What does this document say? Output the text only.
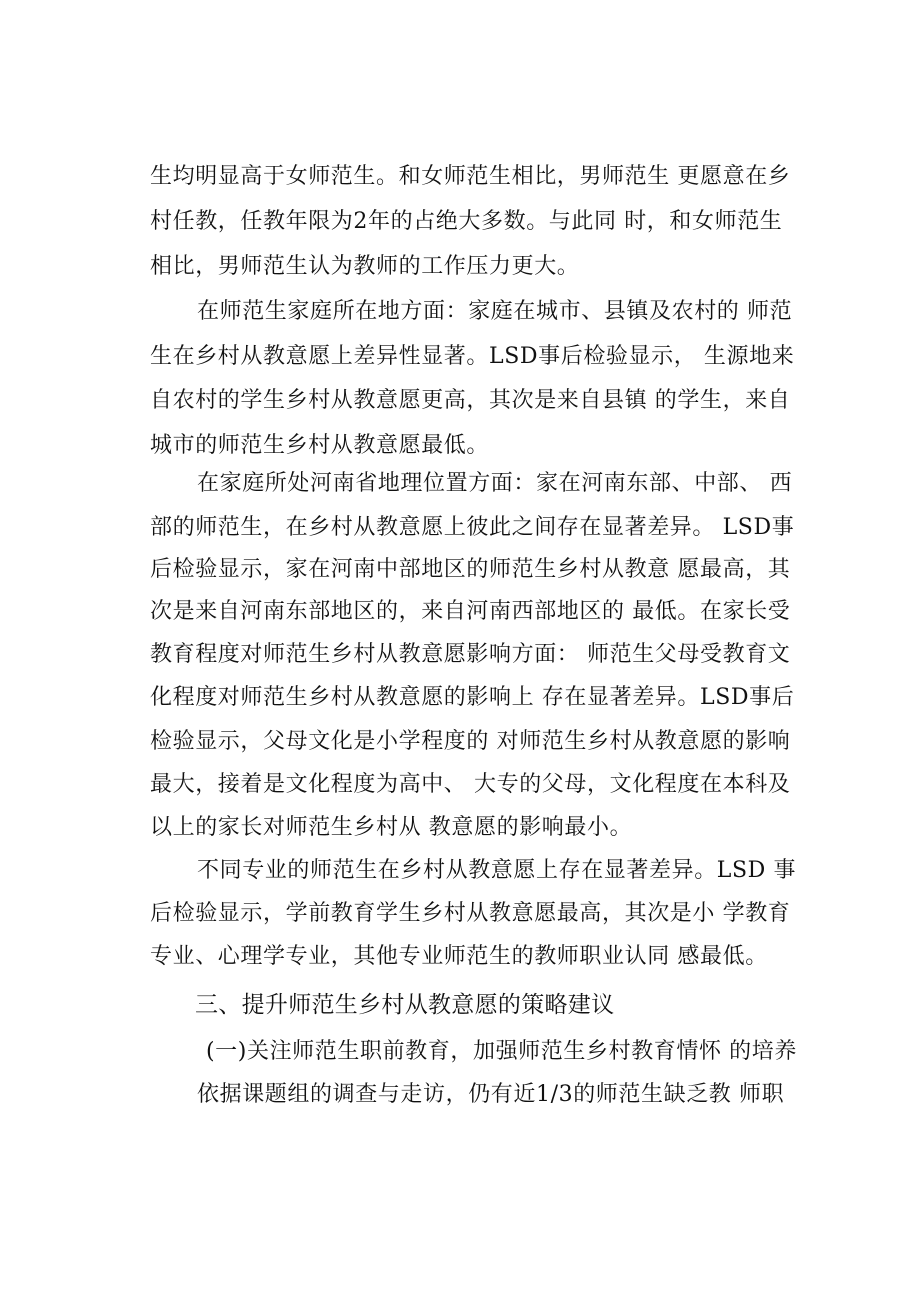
生均明显高于女师范生。和女师范生相比，男师范生 更愿意在乡
村任教，任教年限为2年的占绝大多数。与此同 时，和女师范生
相比，男师范生认为教师的工作压力更大。
在师范生家庭所在地方面：家庭在城市、县镇及农村的 师范
生在乡村从教意愿上差异性显著。LSD事后检验显示， 生源地来
自农村的学生乡村从教意愿更高，其次是来自县镇 的学生，来自
城市的师范生乡村从教意愿最低。
在家庭所处河南省地理位置方面：家在河南东部、中部、 西
部的师范生，在乡村从教意愿上彼此之间存在显著差异。 LSD事
后检验显示，家在河南中部地区的师范生乡村从教意 愿最高，其
次是来自河南东部地区的，来自河南西部地区的 最低。在家长受
教育程度对师范生乡村从教意愿影响方面： 师范生父母受教育文
化程度对师范生乡村从教意愿的影响上 存在显著差异。LSD事后
检验显示，父母文化是小学程度的 对师范生乡村从教意愿的影响
最大，接着是文化程度为高中、 大专的父母，文化程度在本科及
以上的家长对师范生乡村从 教意愿的影响最小。
不同专业的师范生在乡村从教意愿上存在显著差异。LSD 事
后检验显示，学前教育学生乡村从教意愿最高，其次是小 学教育
专业、心理学专业，其他专业师范生的教师职业认同 感最低。
三、提升师范生乡村从教意愿的策略建议
(一)关注师范生职前教育，加强师范生乡村教育情怀 的培养
依据课题组的调查与走访，仍有近1/3的师范生缺乏教 师职
